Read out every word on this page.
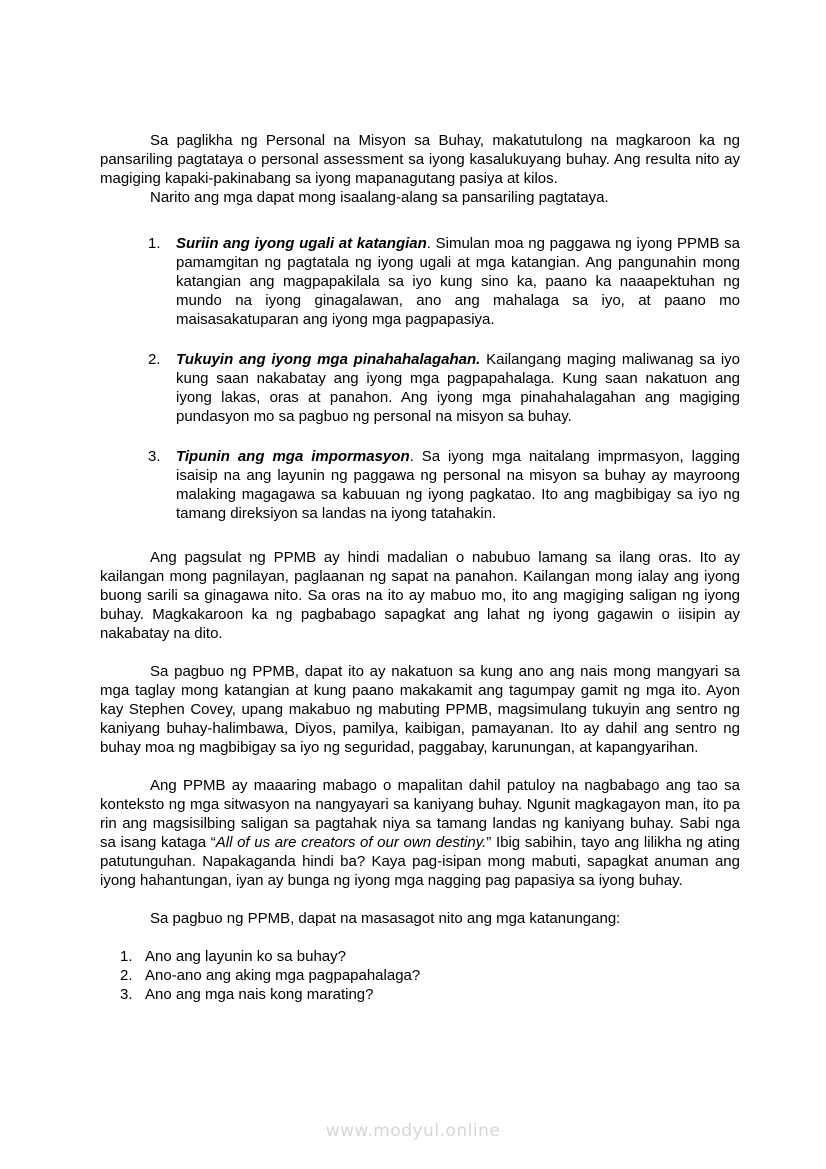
Sa paglikha ng Personal na Misyon sa Buhay, makatutulong na magkaroon ka ng pansariling pagtataya o personal assessment sa iyong kasalukuyang buhay. Ang resulta nito ay magiging kapaki-pakinabang sa iyong mapanagutang pasiya at kilos.

Narito ang mga dapat mong isaalang-alang sa pansariling pagtataya.

1. Suriin ang iyong ugali at katangian. Simulan moa ng paggawa ng iyong PPMB sa pamamgitan ng pagtatala ng iyong ugali at mga katangian. Ang pangunahin mong katangian ang magpapakilala sa iyo kung sino ka, paano ka naaapektuhan ng mundo na iyong ginagalawan, ano ang mahalaga sa iyo, at paano mo maisasakatuparan ang iyong mga pagpapasiya.
2. Tukuyin ang iyong mga pinahahalagahan. Kailangang maging maliwanag sa iyo kung saan nakabatay ang iyong mga pagpapahalaga. Kung saan nakatuon ang iyong lakas, oras at panahon. Ang iyong mga pinahahalagahan ang magiging pundasyon mo sa pagbuo ng personal na misyon sa buhay.
3. Tipunin ang mga impormasyon. Sa iyong mga naitalang imprmasyon, lagging isaisip na ang layunin ng paggawa ng personal na misyon sa buhay ay mayroong malaking magagawa sa kabuuan ng iyong pagkatao. Ito ang magbibigay sa iyo ng tamang direksiyon sa landas na iyong tatahakin.

Ang pagsulat ng PPMB ay hindi madalian o nabubuo lamang sa ilang oras. Ito ay kailangan mong pagnilayan, paglaanan ng sapat na panahon. Kailangan mong ialay ang iyong buong sarili sa ginagawa nito. Sa oras na ito ay mabuo mo, ito ang magiging saligan ng iyong buhay. Magkakaroon ka ng pagbabago sapagkat ang lahat ng iyong gagawin o iisipin ay nakabatay na dito.

Sa pagbuo ng PPMB, dapat ito ay nakatuon sa kung ano ang nais mong mangyari sa mga taglay mong katangian at kung paano makakamit ang tagumpay gamit ng mga ito. Ayon kay Stephen Covey, upang makabuo ng mabuting PPMB, magsimulang tukuyin ang sentro ng kaniyang buhay-halimbawa, Diyos, pamilya, kaibigan, pamayanan. Ito ay dahil ang sentro ng buhay moa ng magbibigay sa iyo ng seguridad, paggabay, karunungan, at kapangyarihan.

Ang PPMB ay maaaring mabago o mapalitan dahil patuloy na nagbabago ang tao sa konteksto ng mga sitwasyon na nangyayari sa kaniyang buhay. Ngunit magkagayon man, ito pa rin ang magsisilbing saligan sa pagtahak niya sa tamang landas ng kaniyang buhay. Sabi nga sa isang kataga “All of us are creators of our own destiny.” Ibig sabihin, tayo ang lilikha ng ating patutunguhan. Napakaganda hindi ba? Kaya pag-isipan mong mabuti, sapagkat anuman ang iyong hahantungan, iyan ay bunga ng iyong mga nagging pag papasiya sa iyong buhay.

Sa pagbuo ng PPMB, dapat na masasagot nito ang mga katanungang:

1. Ano ang layunin ko sa buhay?
2. Ano-ano ang aking mga pagpapahalaga?
3. Ano ang mga nais kong marating?
www.modyul.online
